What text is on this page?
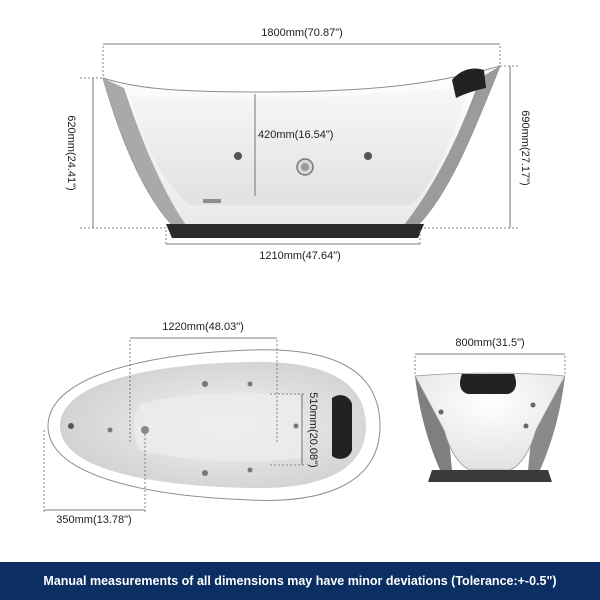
1800mm(70.87")
420mm(16.54")
620mm(24.41")	690mm(27.17")
1210mm(47.64")
1220mm(48.03")
510mm(20.08")
350mm(13.78")
800mm(31.5")
Manual measurements of all dimensions may have minor deviations (Tolerance:+-0.5")
